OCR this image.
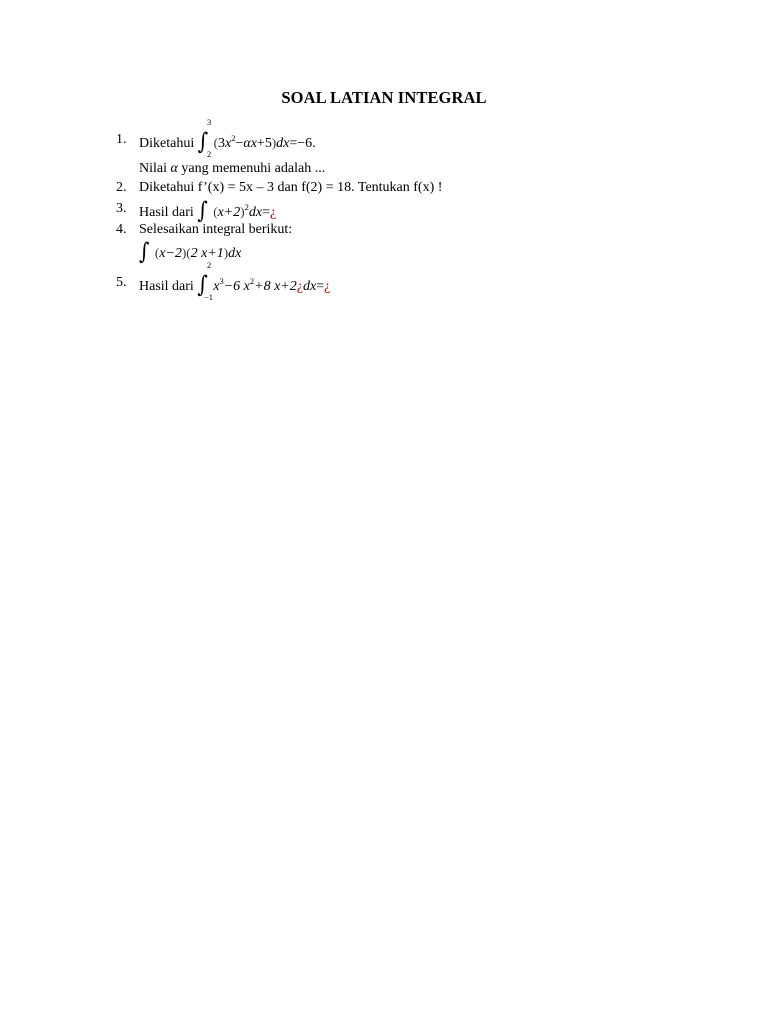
SOAL LATIAN INTEGRAL
1. Diketahui ∫ $(3x^2-\alpha x+5)dx=-6$.
3
2
Nilai α yang memenuhi adalah ...
2. Diketahui f’(x) = 5x – 3 dan f(2) = 18. Tentukan f(x) !
3. Hasil dari ∫ $(x+2)^2dx=¿$
4. Selesaikan integral berikut:
∫ (x−2)(2 x+1)dx
5. Hasil dari ∫ $x^3-6$ $x^2+8$ x+2¿dx=¿
2
−1
